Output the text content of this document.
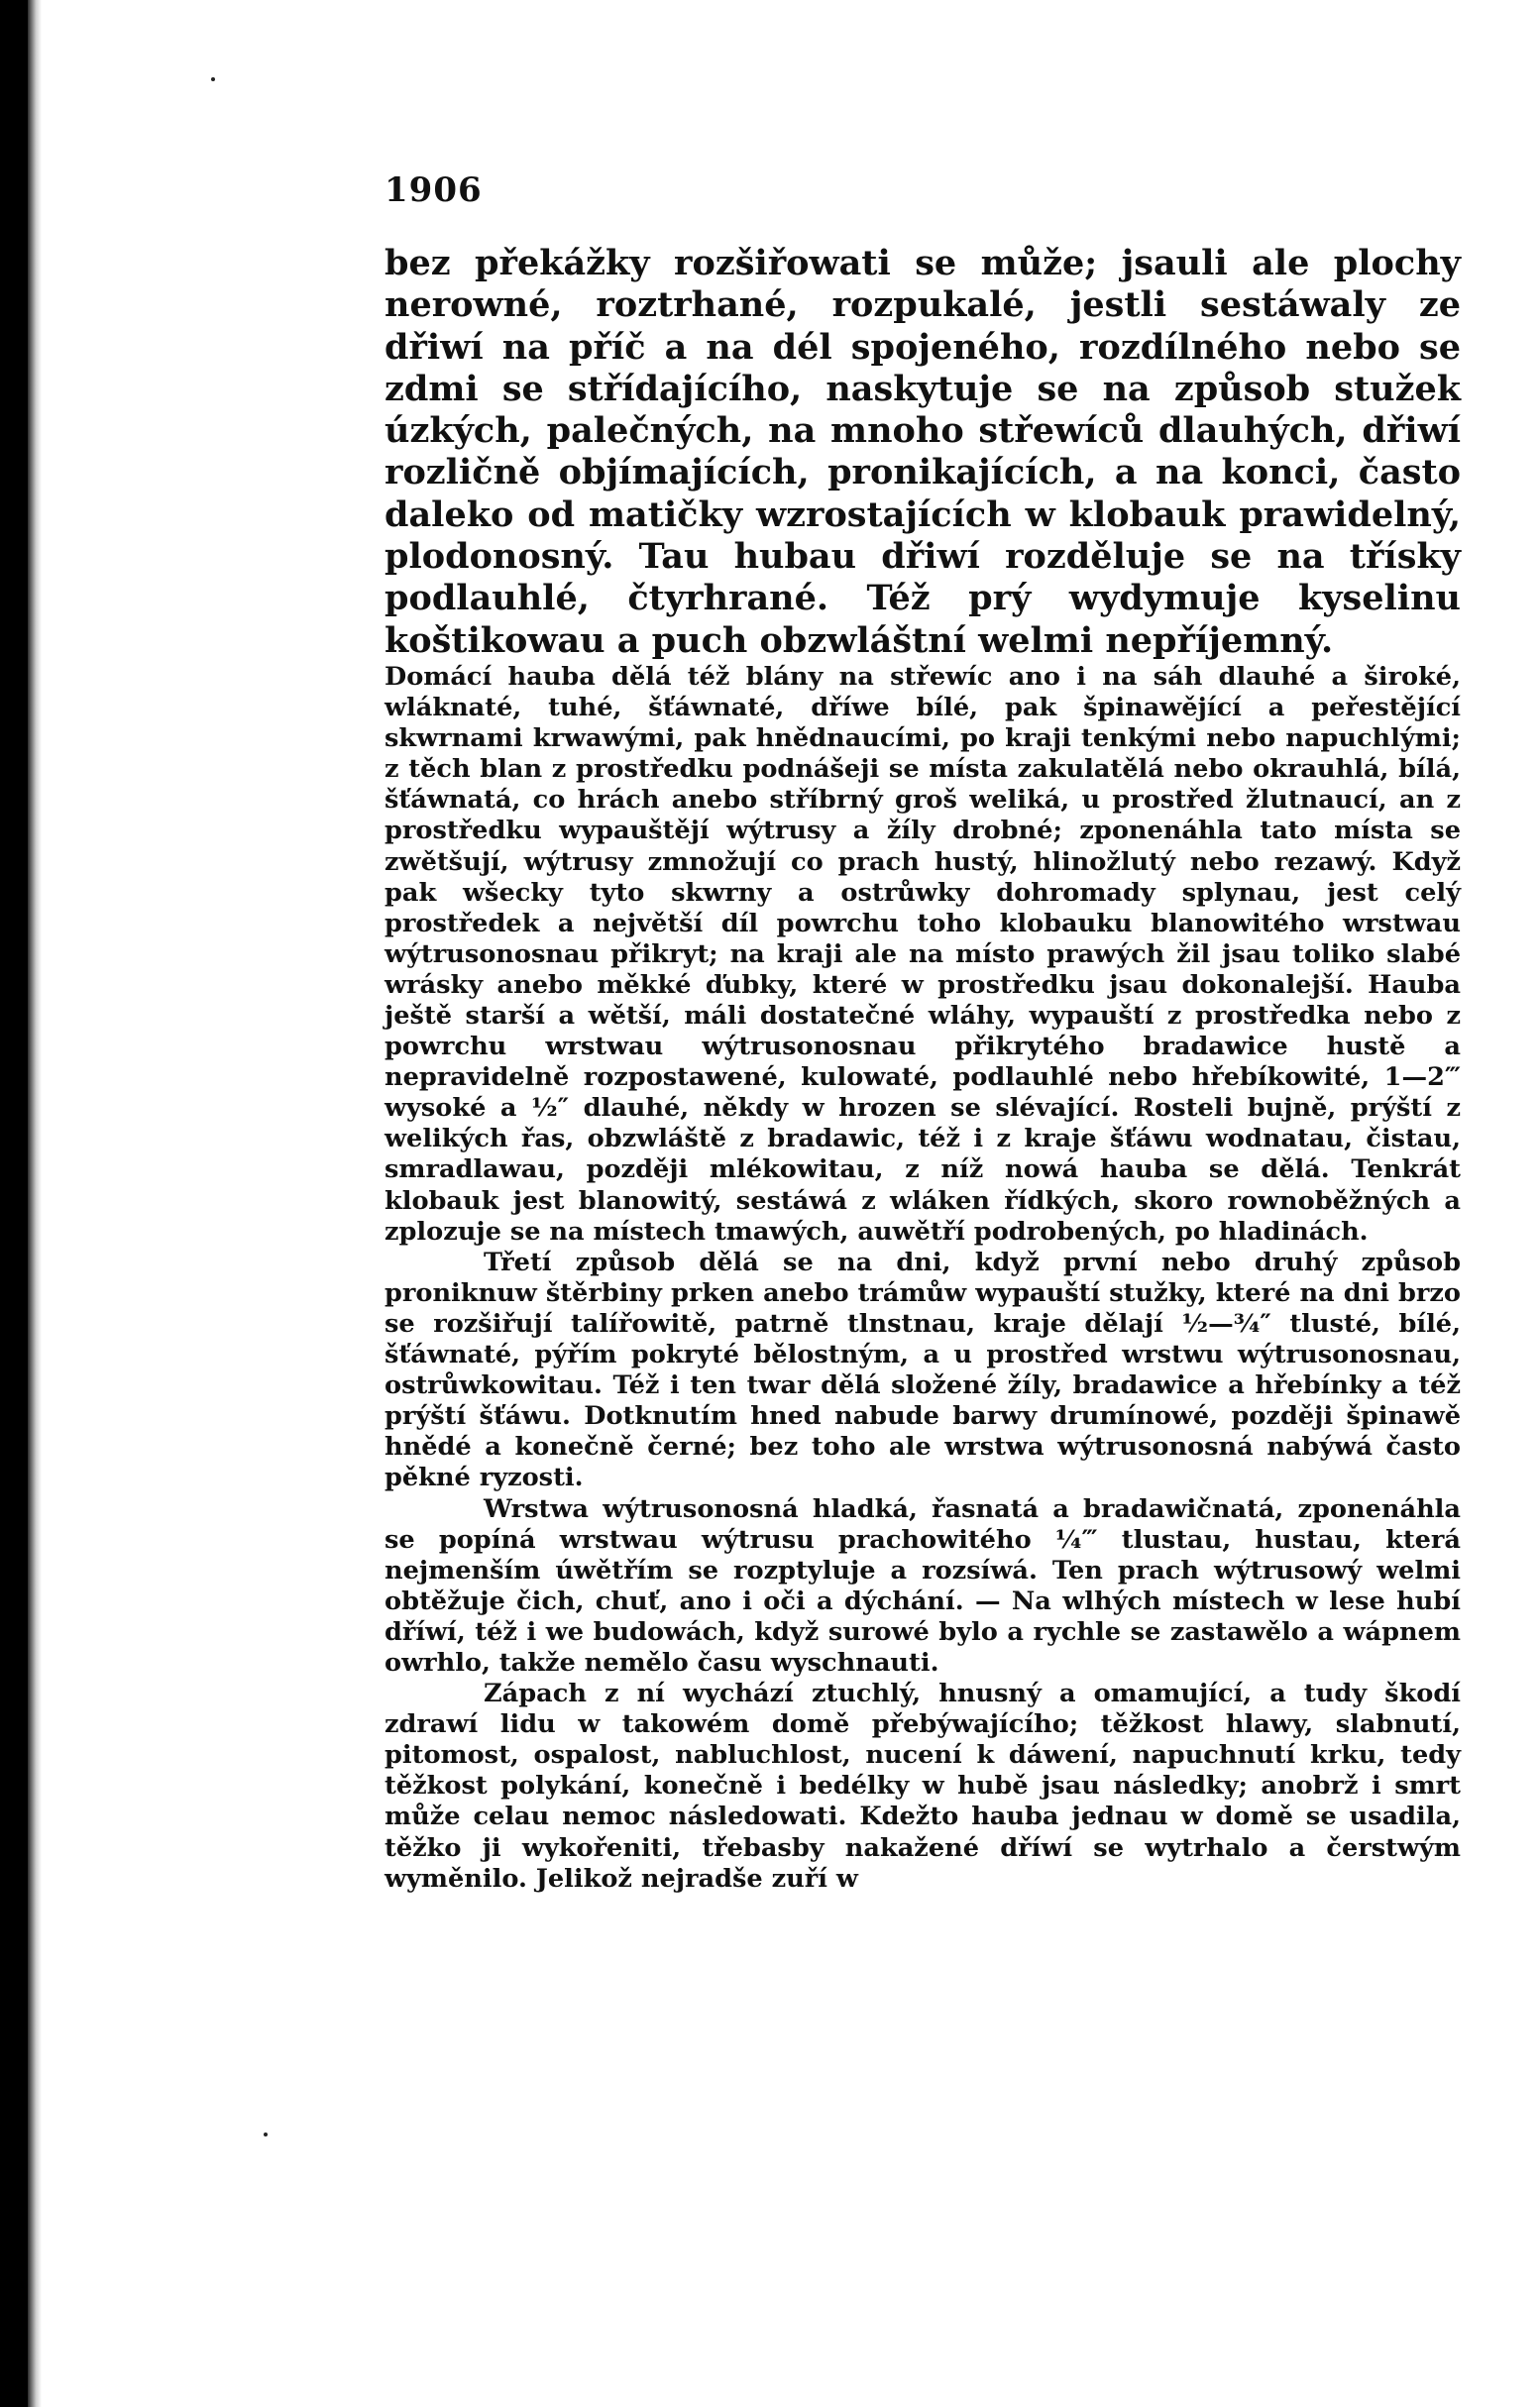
1906

bez překážky rozšiřowati se může; jsauli ale plochy nerowné, roztrhané, rozpukalé, jestli sestáwaly ze dřiwí na příč a na dél spojeného, rozdílného nebo se zdmi se střídajícího, naskytuje se na způsob stužek úzkých, palečných, na mnoho střewíců dlauhých, dřiwí rozličně objímajících, pronikajících, a na konci, často daleko od matičky wzrostajících w klobauk prawidelný, plodonosný. Tau hubau dřiwí rozděluje se na třísky podlauhlé, čtyrhrané. Též prý wydymuje kyselinu koštikowau a puch obzwláštní welmi nepříjemný.

Domácí hauba dělá též blány na střewíc ano i na sáh dlauhé a široké, wláknaté, tuhé, šťáwnaté, dříwe bílé, pak špinawějící a peřestějící skwrnami krwawými, pak hnědnaucími, po kraji tenkými nebo napuchlými; z těch blan z prostředku podnášeji se místa zakulatělá nebo okrauhlá, bílá, šťáwnatá, co hrách anebo stříbrný groš weliká, u prostřed žlutnaucí, an z prostředku wypauštějí wýtrusy a žíly drobné; zponenáhla tato místa se zwětšují, wýtrusy zmnožují co prach hustý, hlinožlutý nebo rezawý. Když pak wšecky tyto skwrny a ostrůwky dohromady splynau, jest celý prostředek a největší díl powrchu toho klobauku blanowitého wrstwau wýtrusonosnau přikryt; na kraji ale na místo prawých žil jsau toliko slabé wrásky anebo měkké ďubky, které w prostředku jsau dokonalejší. Hauba ještě starší a wětší, máli dostatečné wláhy, wypauští z prostředka nebo z powrchu wrstwau wýtrusonosnau přikrytého bradawice hustě a nepravidelně rozpostawené, kulowaté, podlauhlé nebo hřebíkowité, 1—2‴ wysoké a ½″ dlauhé, někdy w hrozen se slévající. Rosteli bujně, prýští z welikých řas, obzwláště z bradawic, též i z kraje šťáwu wodnatau, čistau, smradlawau, později mlékowitau, z níž nowá hauba se dělá. Tenkrát klobauk jest blanowitý, sestáwá z wláken řídkých, skoro rownoběžných a zplozuje se na místech tmawých, auwětří podrobených, po hladinách.

Třetí způsob dělá se na dni, když první nebo druhý způsob proniknuw štěrbiny prken anebo trámůw wypauští stužky, které na dni brzo se rozšiřují talířowitě, patrně tlnstnau, kraje dělají ½—¾″ tlusté, bílé, šťáwnaté, pýřím pokryté bělostným, a u prostřed wrstwu wýtrusonosnau, ostrůwkowitau. Též i ten twar dělá složené žíly, bradawice a hřebínky a též prýští šťáwu. Dotknutím hned nabude barwy drumínowé, později špinawě hnědé a konečně černé; bez toho ale wrstwa wýtrusonosná nabýwá často pěkné ryzosti.

Wrstwa wýtrusonosná hladká, řasnatá a bradawičnatá, zponenáhla se popíná wrstwau wýtrusu prachowitého ¼‴ tlustau, hustau, která nejmenším úwětřím se rozptyluje a rozsíwá. Ten prach wýtrusowý welmi obtěžuje čich, chuť, ano i oči a dýchání. — Na wlhých místech w lese hubí dříwí, též i we budowách, když surowé bylo a rychle se zastawělo a wápnem owrhlo, takže nemělo času wyschnauti.

Zápach z ní wychází ztuchlý, hnusný a omamující, a tudy škodí zdrawí lidu w takowém domě přebýwajícího; těžkost hlawy, slabnutí, pitomost, ospalost, nabluchlost, nucení k dáwení, napuchnutí krku, tedy těžkost polykání, konečně i bedélky w hubě jsau následky; anobrž i smrt může celau nemoc následowati. Kdežto hauba jednau w domě se usadila, těžko ji wykořeniti, třebasby nakažené dříwí se wytrhalo a čerstwým wyměnilo. Jelikož nejradše zuří w
